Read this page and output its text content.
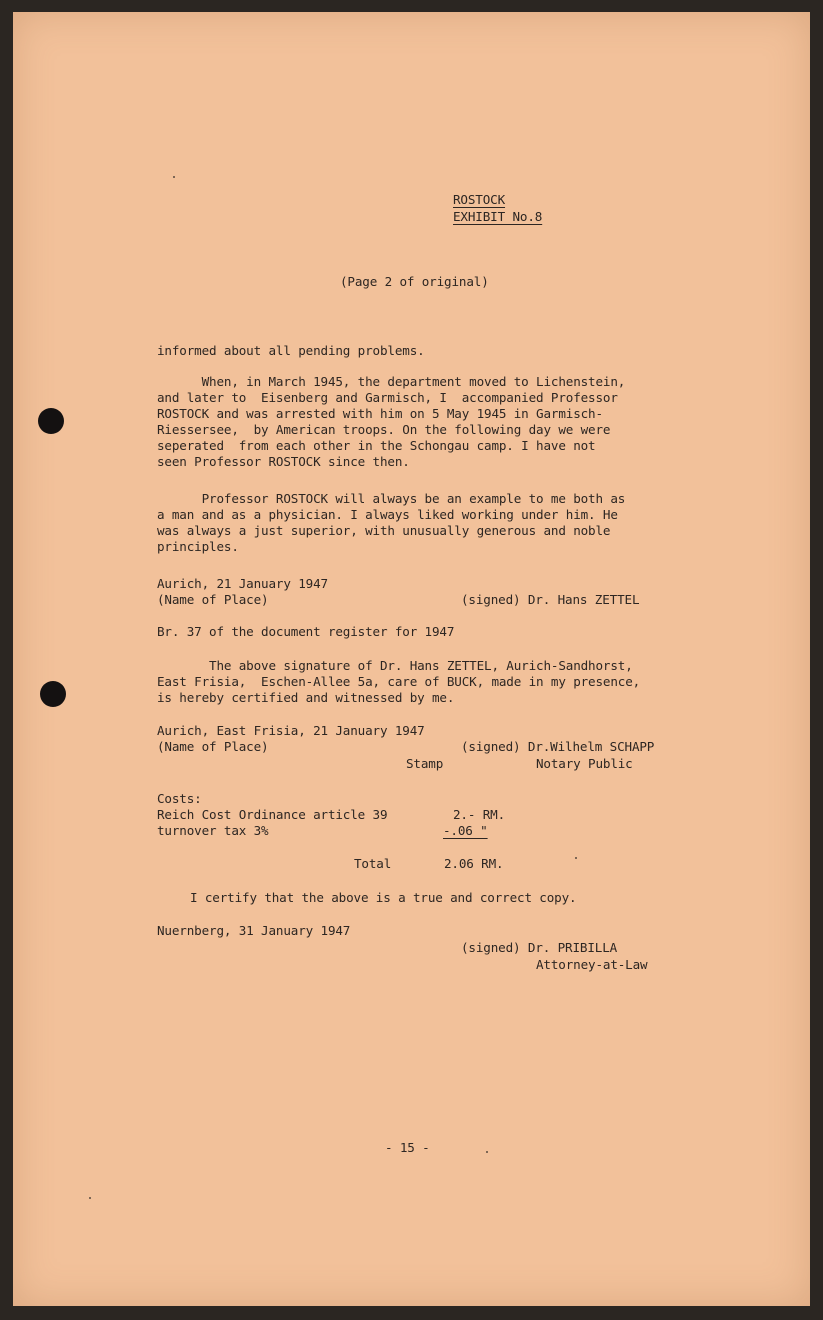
ROSTOCK
EXHIBIT No.8
(Page 2 of original)
informed about all pending problems.
When, in March 1945, the department moved to Lichenstein,
and later to  Eisenberg and Garmisch, I  accompanied Professor
ROSTOCK and was arrested with him on 5 May 1945 in Garmisch-
Riessersee,  by American troops. On the following day we were
seperated  from each other in the Schongau camp. I have not
seen Professor ROSTOCK since then.
Professor ROSTOCK will always be an example to me both as
a man and as a physician. I always liked working under him. He
was always a just superior, with unusually generous and noble
principles.
Aurich, 21 January 1947
(Name of Place)	(signed) Dr. Hans ZETTEL
Br. 37 of the document register for 1947
The above signature of Dr. Hans ZETTEL, Aurich-Sandhorst,
East Frisia,  Eschen-Allee 5a, care of BUCK, made in my presence,
is hereby certified and witnessed by me.
Aurich, East Frisia, 21 January 1947
(Name of Place)	(signed) Dr.Wilhelm SCHAPP
Stamp	Notary Public
Costs:
Reich Cost Ordinance article 39	2.- RM.
turnover tax 3%	-.06 "
Total	2.06 RM.
I certify that the above is a true and correct copy.
Nuernberg, 31 January 1947
(signed) Dr. PRIBILLA
Attorney-at-Law
- 15 -
